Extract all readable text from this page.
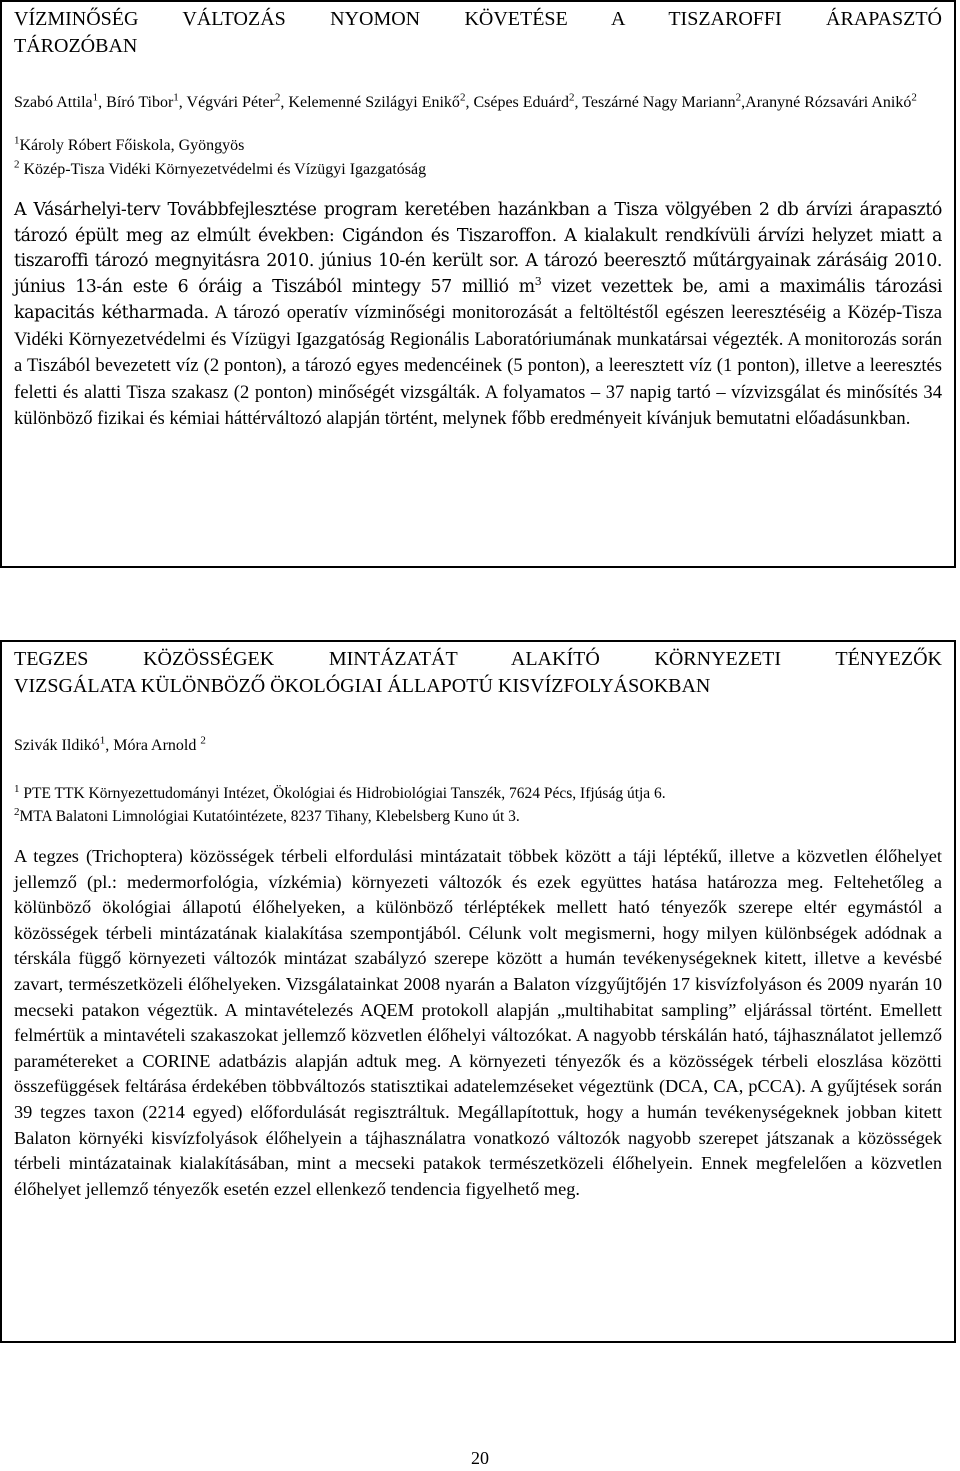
VÍZMINŐSÉG VÁLTOZÁS NYOMON KÖVETÉSE A TISZAROFFI ÁRAPASZTÓ

TÁROZÓBAN

Szabó Attila$^1$, Bíró Tibor$^1$, Végvári Péter$^2$, Kelemenné Szilágyi Enikő$^2$, Csépes Eduárd$^2$, Teszárné Nagy Mariann$^2$,Aranyné Rózsavári Anikó$^2$

$^1$Károly Róbert Főiskola, Gyöngyös
$^2$ Közép-Tisza Vidéki Környezetvédelmi és Vízügyi Igazgatóság

A Vásárhelyi-terv Továbbfejlesztése program keretében hazánkban a Tisza völgyében 2 db árvízi árapasztó tározó épült meg az elmúlt években: Cigándon és Tiszaroffon. A kialakult rendkívüli árvízi helyzet miatt a tiszaroffi tározó megnyitásra 2010. június 10-én került sor. A tározó beeresztő műtárgyainak zárásáig 2010. június 13-án este 6 óráig a Tiszából mintegy 57 millió $m^3$ vizet vezettek be, ami a maximális tározási kapacitás kétharmada. A tározó operatív vízminőségi monitorozását a feltöltéstől egészen leeresztéséig a Közép-Tisza Vidéki Környezetvédelmi és Vízügyi Igazgatóság Regionális Laboratóriumának munkatársai végezték. A monitorozás során a Tiszából bevezetett víz (2 ponton), a tározó egyes medencéinek (5 ponton), a leeresztett víz (1 ponton), illetve a leeresztés feletti és alatti Tisza szakasz (2 ponton) minőségét vizsgálták. A folyamatos – 37 napig tartó – vízvizsgálat és minősítés 34 különböző fizikai és kémiai háttérváltozó alapján történt, melynek főbb eredményeit kívánjuk bemutatni előadásunkban.

TEGZES KÖZÖSSÉGEK MINTÁZATÁT ALAKÍTÓ KÖRNYEZETI TÉNYEZŐK

VIZSGÁLATA KÜLÖNBÖZŐ ÖKOLÓGIAI ÁLLAPOTÚ KISVÍZFOLYÁSOKBAN

Szivák Ildikó$^1$, Móra Arnold $^2$

$^1$ PTE TTK Környezettudományi Intézet, Ökológiai és Hidrobiológiai Tanszék, 7624 Pécs, Ifjúság útja 6.
$^2$MTA Balatoni Limnológiai Kutatóintézete, 8237 Tihany, Klebelsberg Kuno út 3.

A tegzes (Trichoptera) közösségek térbeli elfordulási mintázatait többek között a táji léptékű, illetve a közvetlen élőhelyet jellemző (pl.: medermorfológia, vízkémia) környezeti változók és ezek együttes hatása határozza meg. Feltehetőleg a kölünböző ökológiai állapotú élőhelyeken, a különböző térléptékek mellett ható tényezők szerepe eltér egymástól a közösségek térbeli mintázatának kialakítása szempontjából. Célunk volt megismerni, hogy milyen különbségek adódnak a térskála függő környezeti változók mintázat szabályzó szerepe között a humán tevékenységeknek kitett, illetve a kevésbé zavart, természetközeli élőhelyeken. Vizsgálatainkat 2008 nyarán a Balaton vízgyűjtőjén 17 kisvízfolyáson és 2009 nyarán 10 mecseki patakon végeztük. A mintavételezés AQEM protokoll alapján „multihabitat sampling” eljárással történt. Emellett felmértük a mintavételi szakaszokat jellemző közvetlen élőhelyi változókat. A nagyobb térskálán ható, tájhasználatot jellemző paramétereket a CORINE adatbázis alapján adtuk meg. A környezeti tényezők és a közösségek térbeli eloszlása közötti összefüggések feltárása érdekében többváltozós statisztikai adatelemzéseket végeztünk (DCA, CA, pCCA). A gyűjtések során 39 tegzes taxon (2214 egyed) előfordulását regisztráltuk. Megállapítottuk, hogy a humán tevékenységeknek jobban kitett Balaton környéki kisvízfolyások élőhelyein a tájhasználatra vonatkozó változók nagyobb szerepet játszanak a közösségek térbeli mintázatainak kialakításában, mint a mecseki patakok természetközeli élőhelyein. Ennek megfelelően a közvetlen élőhelyet jellemző tényezők esetén ezzel ellenkező tendencia figyelhető meg.

20
